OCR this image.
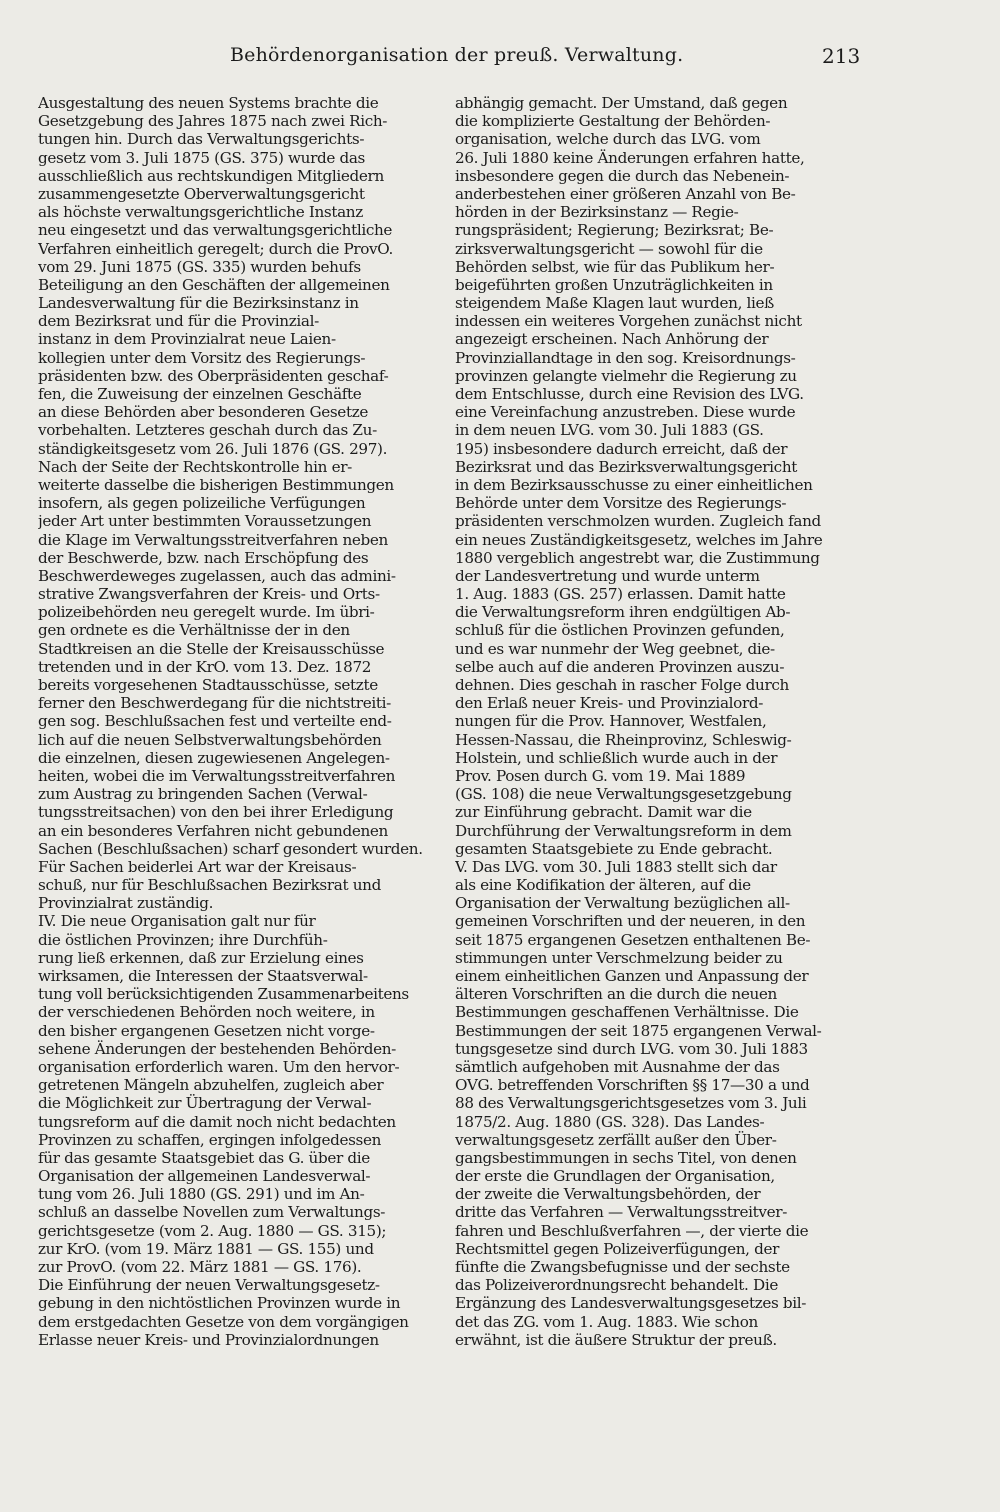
Behördenorganisation der preuß. Verwaltung.	213
Ausgestaltung des neuen Systems brachte die
Gesetzgebung des Jahres 1875 nach zwei Rich-
tungen hin. Durch das Verwaltungsgerichts-
gesetz vom 3. Juli 1875 (GS. 375) wurde das
ausschließlich aus rechtskundigen Mitgliedern
zusammengesetzte Oberverwaltungsgericht
als höchste verwaltungsgerichtliche Instanz
neu eingesetzt und das verwaltungsgerichtliche
Verfahren einheitlich geregelt; durch die ProvO.
vom 29. Juni 1875 (GS. 335) wurden behufs
Beteiligung an den Geschäften der allgemeinen
Landesverwaltung für die Bezirksinstanz in
dem Bezirksrat und für die Provinzial-
instanz in dem Provinzialrat neue Laien-
kollegien unter dem Vorsitz des Regierungs-
präsidenten bzw. des Oberpräsidenten geschaf-
fen, die Zuweisung der einzelnen Geschäfte
an diese Behörden aber besonderen Gesetze
vorbehalten. Letzteres geschah durch das Zu-
ständigkeitsgesetz vom 26. Juli 1876 (GS. 297).
Nach der Seite der Rechtskontrolle hin er-
weiterte dasselbe die bisherigen Bestimmungen
insofern, als gegen polizeiliche Verfügungen
jeder Art unter bestimmten Voraussetzungen
die Klage im Verwaltungsstreitverfahren neben
der Beschwerde, bzw. nach Erschöpfung des
Beschwerdeweges zugelassen, auch das admini-
strative Zwangsverfahren der Kreis- und Orts-
polizeibehörden neu geregelt wurde. Im übri-
gen ordnete es die Verhältnisse der in den
Stadtkreisen an die Stelle der Kreisausschüsse
tretenden und in der KrO. vom 13. Dez. 1872
bereits vorgesehenen Stadtausschüsse, setzte
ferner den Beschwerdegang für die nichtstreiti-
gen sog. Beschlußsachen fest und verteilte end-
lich auf die neuen Selbstverwaltungsbehörden
die einzelnen, diesen zugewiesenen Angelegen-
heiten, wobei die im Verwaltungsstreitverfahren
zum Austrag zu bringenden Sachen (Verwal-
tungsstreitsachen) von den bei ihrer Erledigung
an ein besonderes Verfahren nicht gebundenen
Sachen (Beschlußsachen) scharf gesondert wurden.
Für Sachen beiderlei Art war der Kreisaus-
schuß, nur für Beschlußsachen Bezirksrat und
Provinzialrat zuständig.
IV. Die neue Organisation galt nur für
die östlichen Provinzen; ihre Durchfüh-
rung ließ erkennen, daß zur Erzielung eines
wirksamen, die Interessen der Staatsverwal-
tung voll berücksichtigenden Zusammenarbeitens
der verschiedenen Behörden noch weitere, in
den bisher ergangenen Gesetzen nicht vorge-
sehene Änderungen der bestehenden Behörden-
organisation erforderlich waren. Um den hervor-
getretenen Mängeln abzuhelfen, zugleich aber
die Möglichkeit zur Übertragung der Verwal-
tungsreform auf die damit noch nicht bedachten
Provinzen zu schaffen, ergingen infolgedessen
für das gesamte Staatsgebiet das G. über die
Organisation der allgemeinen Landesverwal-
tung vom 26. Juli 1880 (GS. 291) und im An-
schluß an dasselbe Novellen zum Verwaltungs-
gerichtsgesetze (vom 2. Aug. 1880 — GS. 315);
zur KrO. (vom 19. März 1881 — GS. 155) und
zur ProvO. (vom 22. März 1881 — GS. 176).
Die Einführung der neuen Verwaltungsgesetz-
gebung in den nichtöstlichen Provinzen wurde in
dem erstgedachten Gesetze von dem vorgängigen
Erlasse neuer Kreis- und Provinzialordnungen
abhängig gemacht. Der Umstand, daß gegen
die komplizierte Gestaltung der Behörden-
organisation, welche durch das LVG. vom
26. Juli 1880 keine Änderungen erfahren hatte,
insbesondere gegen die durch das Nebenein-
anderbestehen einer größeren Anzahl von Be-
hörden in der Bezirksinstanz — Regie-
rungspräsident; Regierung; Bezirksrat; Be-
zirksverwaltungsgericht — sowohl für die
Behörden selbst, wie für das Publikum her-
beigeführten großen Unzuträglichkeiten in
steigendem Maße Klagen laut wurden, ließ
indessen ein weiteres Vorgehen zunächst nicht
angezeigt erscheinen. Nach Anhörung der
Provinziallandtage in den sog. Kreisordnungs-
provinzen gelangte vielmehr die Regierung zu
dem Entschlusse, durch eine Revision des LVG.
eine Vereinfachung anzustreben. Diese wurde
in dem neuen LVG. vom 30. Juli 1883 (GS.
195) insbesondere dadurch erreicht, daß der
Bezirksrat und das Bezirksverwaltungsgericht
in dem Bezirksausschusse zu einer einheitlichen
Behörde unter dem Vorsitze des Regierungs-
präsidenten verschmolzen wurden. Zugleich fand
ein neues Zuständigkeitsgesetz, welches im Jahre
1880 vergeblich angestrebt war, die Zustimmung
der Landesvertretung und wurde unterm
1. Aug. 1883 (GS. 257) erlassen. Damit hatte
die Verwaltungsreform ihren endgültigen Ab-
schluß für die östlichen Provinzen gefunden,
und es war nunmehr der Weg geebnet, die-
selbe auch auf die anderen Provinzen auszu-
dehnen. Dies geschah in rascher Folge durch
den Erlaß neuer Kreis- und Provinzialord-
nungen für die Prov. Hannover, Westfalen,
Hessen-Nassau, die Rheinprovinz, Schleswig-
Holstein, und schließlich wurde auch in der
Prov. Posen durch G. vom 19. Mai 1889
(GS. 108) die neue Verwaltungsgesetzgebung
zur Einführung gebracht. Damit war die
Durchführung der Verwaltungsreform in dem
gesamten Staatsgebiete zu Ende gebracht.
V. Das LVG. vom 30. Juli 1883 stellt sich dar
als eine Kodifikation der älteren, auf die
Organisation der Verwaltung bezüglichen all-
gemeinen Vorschriften und der neueren, in den
seit 1875 ergangenen Gesetzen enthaltenen Be-
stimmungen unter Verschmelzung beider zu
einem einheitlichen Ganzen und Anpassung der
älteren Vorschriften an die durch die neuen
Bestimmungen geschaffenen Verhältnisse. Die
Bestimmungen der seit 1875 ergangenen Verwal-
tungsgesetze sind durch LVG. vom 30. Juli 1883
sämtlich aufgehoben mit Ausnahme der das
OVG. betreffenden Vorschriften §§ 17—30 a und
88 des Verwaltungsgerichtsgesetzes vom 3. Juli
1875/2. Aug. 1880 (GS. 328). Das Landes-
verwaltungsgesetz zerfällt außer den Über-
gangsbestimmungen in sechs Titel, von denen
der erste die Grundlagen der Organisation,
der zweite die Verwaltungsbehörden, der
dritte das Verfahren — Verwaltungsstreitver-
fahren und Beschlußverfahren —, der vierte die
Rechtsmittel gegen Polizeiverfügungen, der
fünfte die Zwangsbefugnisse und der sechste
das Polizeiverordnungsrecht behandelt. Die
Ergänzung des Landesverwaltungsgesetzes bil-
det das ZG. vom 1. Aug. 1883. Wie schon
erwähnt, ist die äußere Struktur der preuß.
